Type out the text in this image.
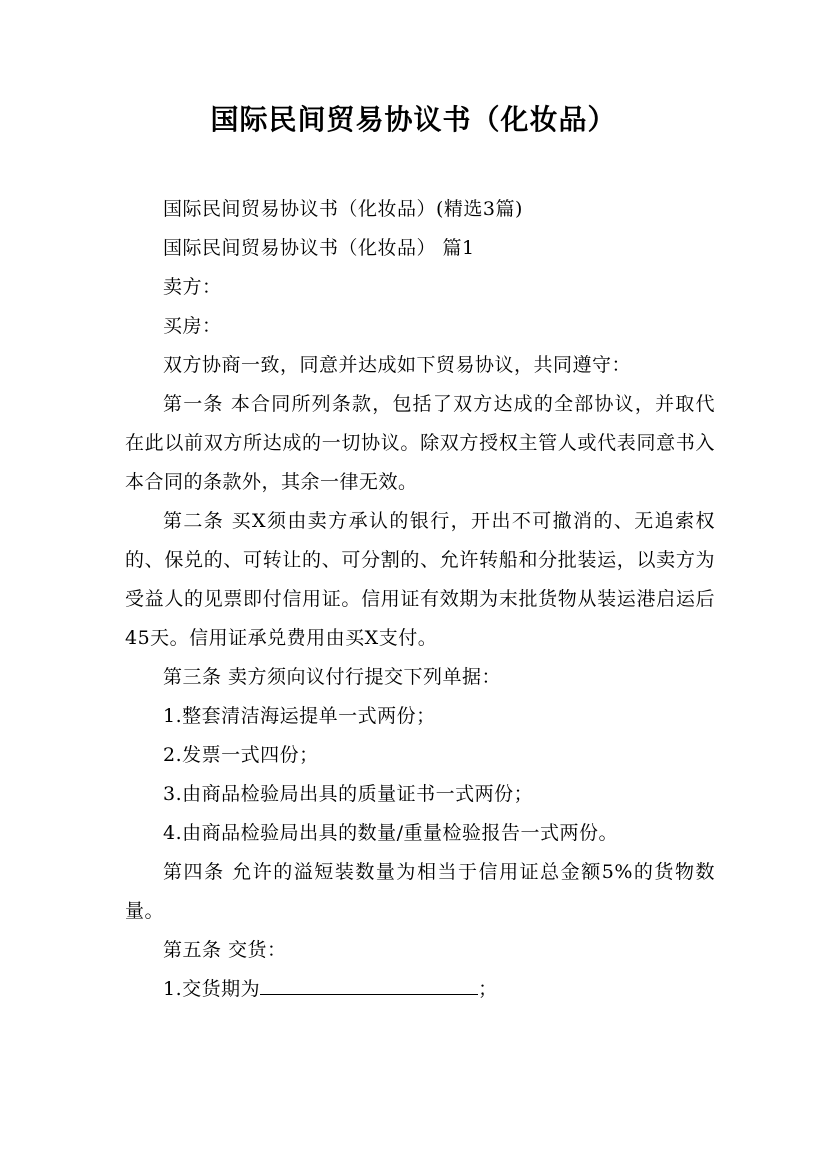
国际民间贸易协议书（化妆品）

国际民间贸易协议书（化妆品）(精选3篇)

国际民间贸易协议书（化妆品） 篇1

卖方：

买房：

双方协商一致，同意并达成如下贸易协议，共同遵守：

第一条 本合同所列条款，包括了双方达成的全部协议，并取代在此以前双方所达成的一切协议。除双方授权主管人或代表同意书入本合同的条款外，其余一律无效。

第二条 买X须由卖方承认的银行，开出不可撤消的、无追索权的、保兑的、可转让的、可分割的、允许转船和分批装运，以卖方为受益人的见票即付信用证。信用证有效期为末批货物从装运港启运后45天。信用证承兑费用由买X支付。

第三条 卖方须向议付行提交下列单据：

1.整套清洁海运提单一式两份；

2.发票一式四份；

3.由商品检验局出具的质量证书一式两份；

4.由商品检验局出具的数量/重量检验报告一式两份。

第四条 允许的溢短装数量为相当于信用证总金额5%的货物数量。

第五条 交货：

1.交货期为	；
